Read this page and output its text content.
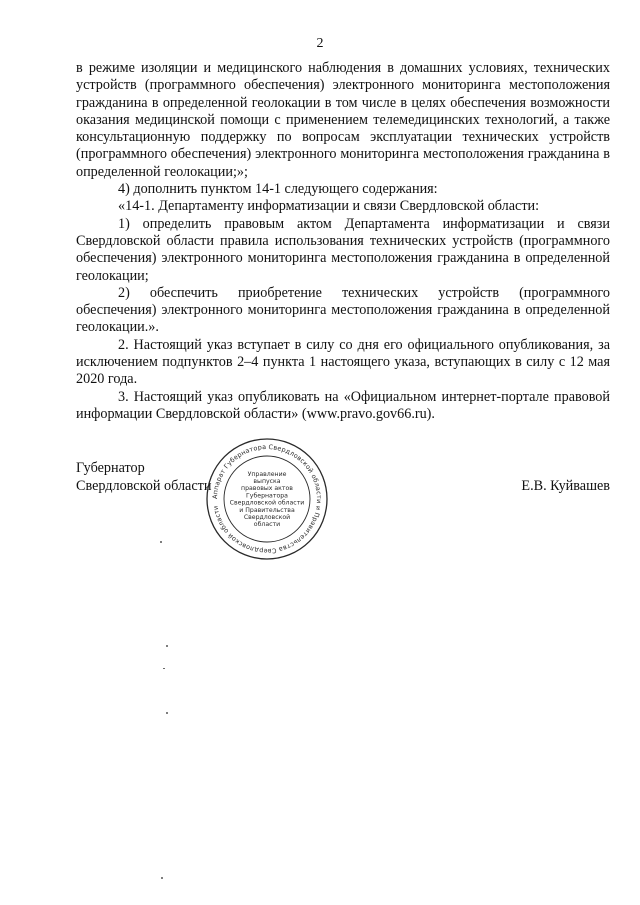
2

в режиме изоляции и медицинского наблюдения в домашних условиях, технических устройств (программного обеспечения) электронного мониторинга местоположения гражданина в определенной геолокации в том числе в целях обеспечения возможности оказания медицинской помощи с применением телемедицинских технологий, а также консультационную поддержку по вопросам эксплуатации технических устройств (программного обеспечения) электронного мониторинга местоположения гражданина в определенной геолокации;»;

4) дополнить пунктом 14-1 следующего содержания:

«14-1. Департаменту информатизации и связи Свердловской области:

1) определить правовым актом Департамента информатизации и связи Свердловской области правила использования технических устройств (программного обеспечения) электронного мониторинга местоположения гражданина в определенной геолокации;

2) обеспечить приобретение технических устройств (программного обеспечения) электронного мониторинга местоположения гражданина в определенной геолокации.».

2. Настоящий указ вступает в силу со дня его официального опубликования, за исключением подпунктов 2–4 пункта 1 настоящего указа, вступающих в силу с 12 мая 2020 года.

3. Настоящий указ опубликовать на «Официальном интернет-портале правовой информации Свердловской области» (www.pravo.gov66.ru).

Губернатор
Свердловской области	Е.В. Куйвашев
Аппарат Губернатора Свердловской области и Правительства Свердловской области
Управление
выпуска
правовых актов
Губернатора
Свердловской области
и Правительства
Свердловской
области
